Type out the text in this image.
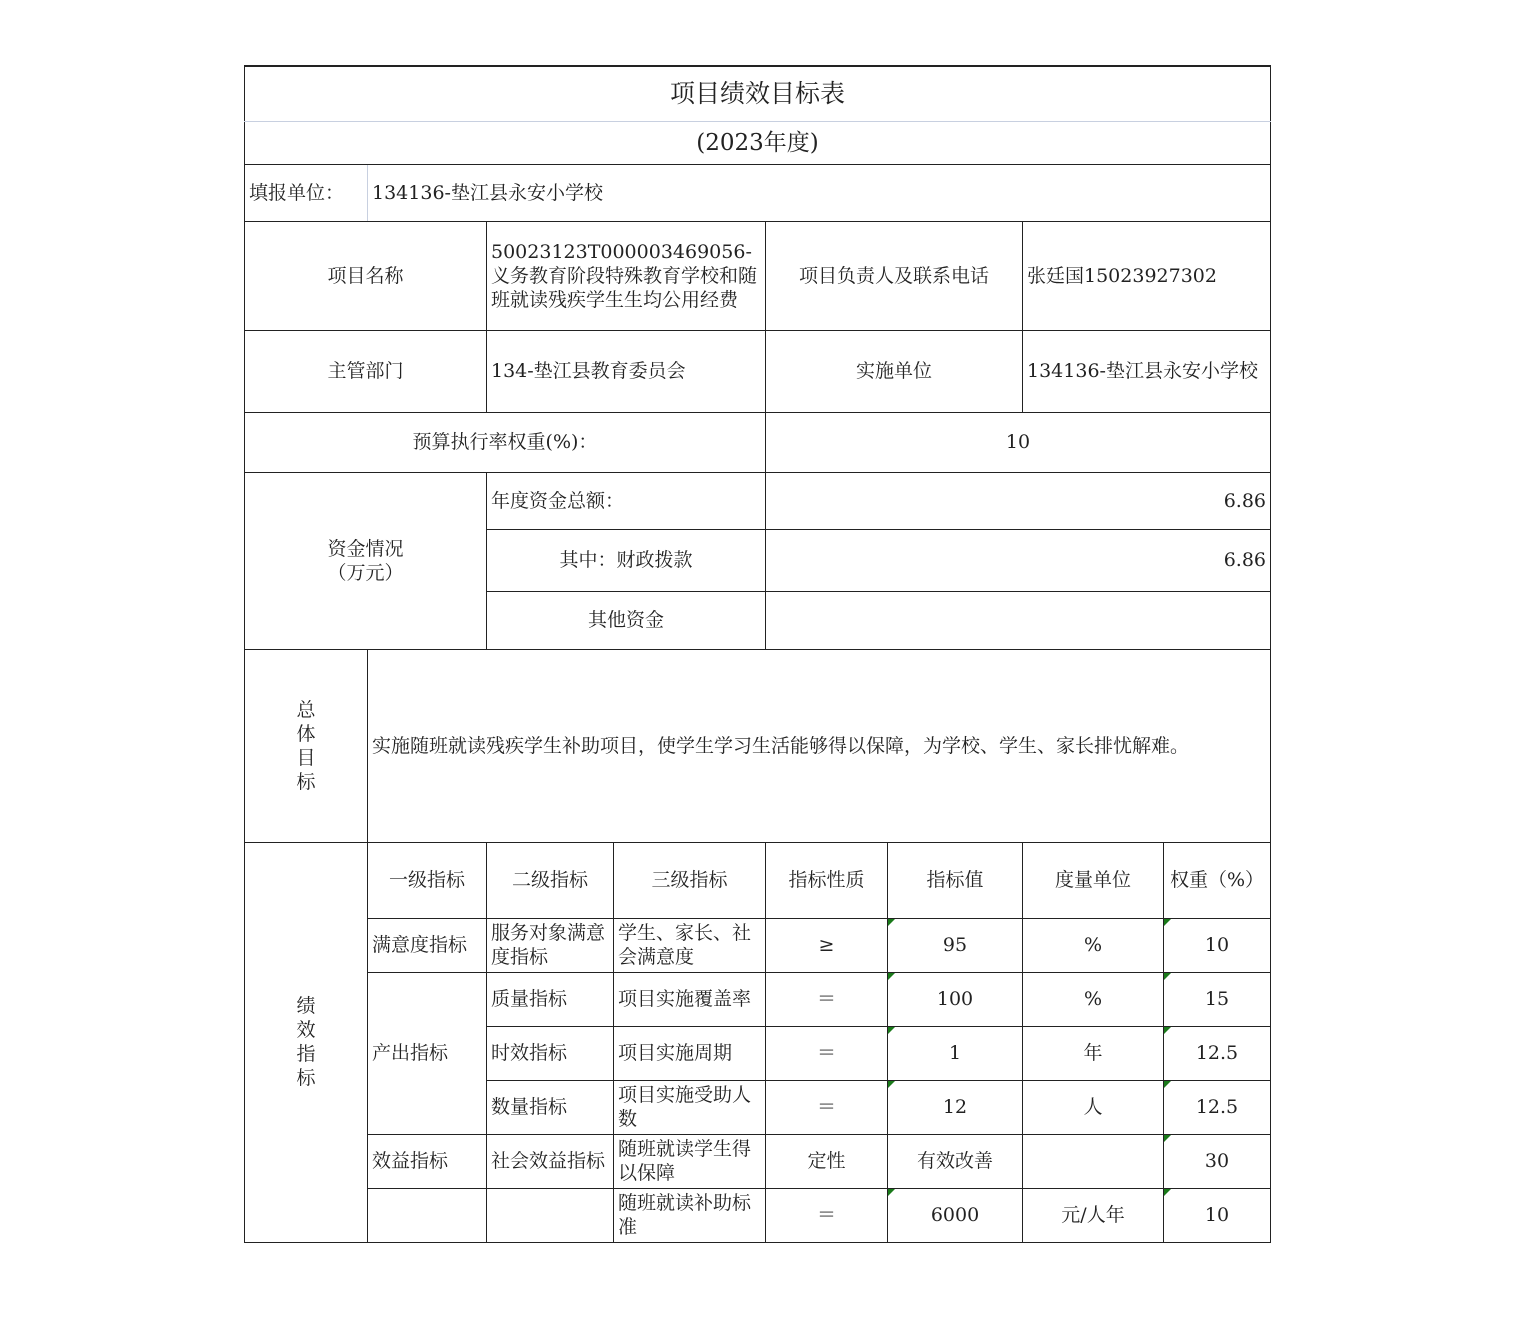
项目绩效目标表							
(2023年度)							
填报单位：	134136-垫江县永安小学校						
项目名称		50023123T000003469056-义务教育阶段特殊教育学校和随班就读残疾学生生均公用经费		项目负责人及联系电话		张廷国15023927302	
主管部门		134-垫江县教育委员会		实施单位		134136-垫江县永安小学校	
预算执行率权重(%)：				10			

资金情况
（万元）		年度资金总额：		6.86			
		其中：财政拨款		6.86			
		其他资金					

总
体
目
标	实施随班就读残疾学生补助项目，使学生学习生活能够得以保障，为学校、学生、家长排忧解难。						

绩
效
指
标	一级指标	二级指标	三级指标	指标性质	指标值	度量单位	权重（%）
	满意度指标	服务对象满意度指标	学生、家长、社会满意度	≥	95	%	10
	产出指标	质量指标	项目实施覆盖率	＝	100	%	15
		时效指标	项目实施周期	＝	1	年	12.5
		数量指标	项目实施受助人数	＝	12	人	12.5
	效益指标	社会效益指标	随班就读学生得以保障	定性	有效改善		30
			随班就读补助标准	＝	6000	元/人年	10
